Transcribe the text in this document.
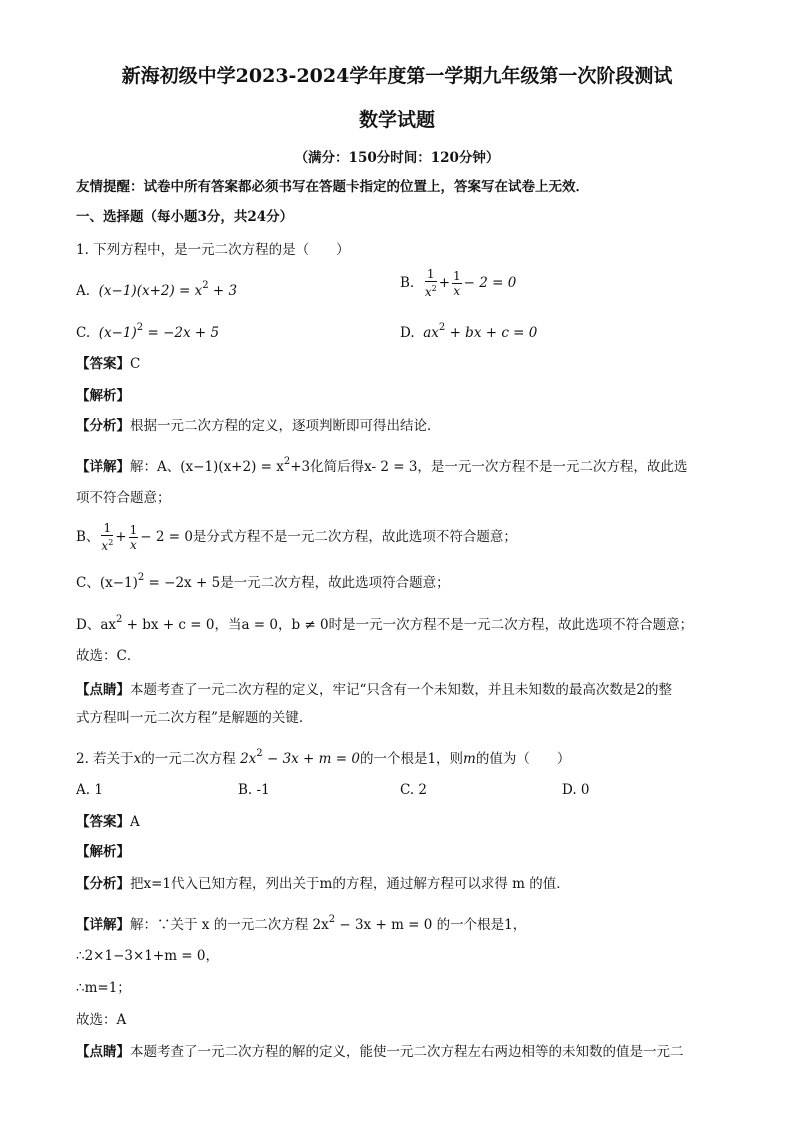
新海初级中学2023-2024学年度第一学期九年级第一次阶段测试
数学试题
（满分：150分时间：120分钟）
友情提醒：试卷中所有答案都必须书写在答题卡指定的位置上，答案写在试卷上无效．
一、选择题（每小题3分，共24分）
1. 下列方程中，是一元二次方程的是（　　）
A. $(x-1)(x+2) = x^2 + 3$	B. $\frac{1}{x^2} + \frac{1}{x} - 2 = 0$
C. $(x-1)^2 = -2x + 5$	D. $ax^2$ + bx + c = 0
【答案】C
【解析】
【分析】根据一元二次方程的定义，逐项判断即可得出结论．
【详解】解：A、$(x-1)(x+2) = x^2+3$化简后得x- 2 = 3，是一元一次方程不是一元二次方程，故此选
项不符合题意；
B、 $\frac{1}{x^2} + \frac{1}{x} - 2 = 0$是分式方程不是一元二次方程，故此选项不符合题意；
C、$(x-1)^2 = -2x + 5$是一元二次方程，故此选项符合题意；
D、$ax^2$ + bx + c = 0，当a = 0，b ≠ 0时是一元一次方程不是一元二次方程，故此选项不符合题意；
故选：C．
【点睛】本题考查了一元二次方程的定义，牢记“只含有一个未知数，并且未知数的最高次数是2的整
式方程叫一元二次方程”是解题的关键．
2. 若关于x的一元二次方程 $2x^2 - 3x + m = 0$的一个根是1，则m的值为（　　）
A. 1	B. -1	C. 2	D. 0
【答案】A
【解析】
【分析】把x=1代入已知方程，列出关于m的方程，通过解方程可以求得 m 的值．
【详解】解：∵关于 x 的一元二次方程 $2x^2 - 3x + m = 0$ 的一个根是1，
∴2×1−3×1+m = 0，
∴m=1；
故选：A
【点睛】本题考查了一元二次方程的解的定义，能使一元二次方程左右两边相等的未知数的值是一元二
